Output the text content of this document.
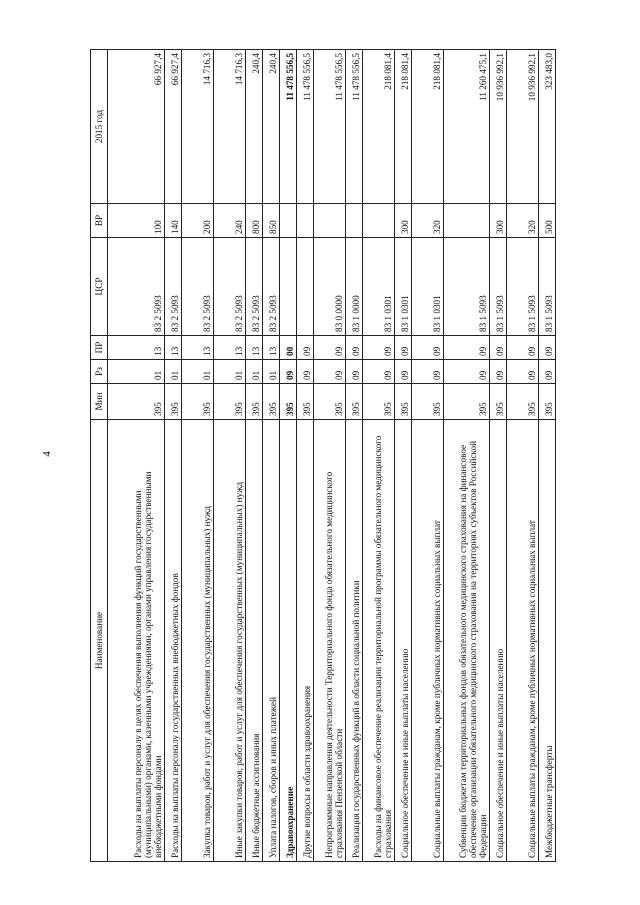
4
Наименование	Мин	Рз	ПР	ЦСР	ВР	2015 год
Расходы на выплаты персоналу в целях обеспечения выполнения функций государственными (муниципальными) органами, казенными учреждениями, органами управления государственными внебюджетными фондами	395	01	13	83 2 5093	100	66 927,4
Расходы на выплаты персоналу государственных внебюджетных фондов	395	01	13	83 2 5093	140	66 927,4
Закупка товаров, работ и услуг для обеспечения государственных (муниципальных) нужд	395	01	13	83 2 5093	200	14 716,3
Иные закупки товаров, работ и услуг для обеспечения государственных (муниципальных) нужд	395	01	13	83 2 5093	240	14 716,3
Иные бюджетные ассигнования	395	01	13	83 2 5093	800	240,4
Уплата налогов, сборов и иных платежей	395	01	13	83 2 5093	850	240,4
Здравоохранение	395	09	00			11 478 556,5
Другие вопросы в области здравоохранения	395	09	09			11 478 556,5
Непрограммные направления деятельности Территориального фонда обязательного медицинского страхования Пензенской области	395	09	09	83 0 0000		11 478 556,5
Реализация государственных функций в области социальной политики	395	09	09	83 1 0000		11 478 556,5
Расходы на финансовое обеспечение реализации территориальной программы обязательного медицинского страхования	395	09	09	83 1 0301		218 081,4
Социальное обеспечение и иные выплаты населению	395	09	09	83 1 0301	300	218 081,4
Социальные выплаты гражданам, кроме публичных нормативных социальных выплат	395	09	09	83 1 0301	320	218 081,4
Субвенции бюджетам территориальных фондов обязательного медицинского страхования на финансовое обеспечение организации обязательного медицинского страхования на территориях субъектов Российской Федерации	395	09	09	83 1 5093		11 260 475,1
Социальное обеспечение и иные выплаты населению	395	09	09	83 1 5093	300	10 936 992,1
Социальные выплаты гражданам, кроме публичных нормативных социальных выплат	395	09	09	83 1 5093	320	10 936 992,1
Межбюджетные трансферты	395	09	09	83 1 5093	500	323 483,0
